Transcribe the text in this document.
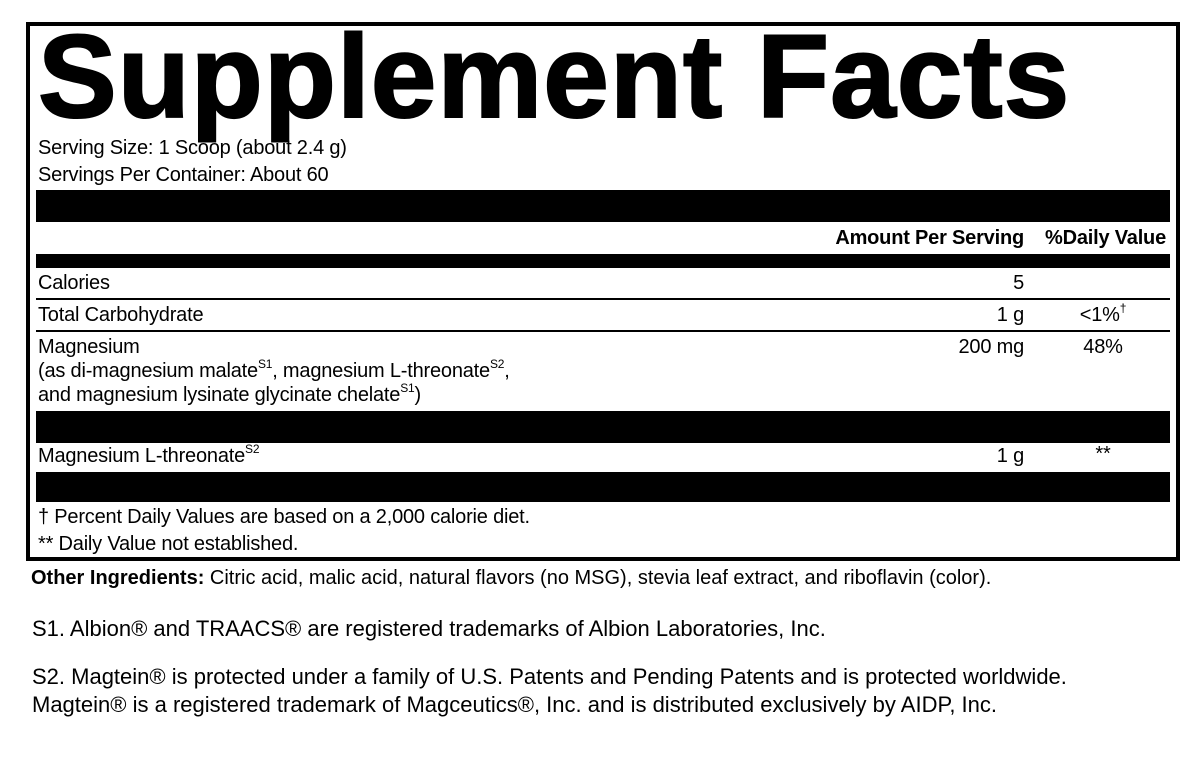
Supplement Facts
Serving Size: 1 Scoop (about 2.4 g)
Servings Per Container: About 60
Amount Per Serving	%Daily Value
Calories	5
Total Carbohydrate	1 g	<1%†
Magnesium
(as di-magnesium malate$^{S1}$, magnesium L-threonate$^{S2}$,
and magnesium lysinate glycinate chelate$^{S1}$)
200 mg	48%
Magnesium L-threonate$^{S2}$	1 g	**
† Percent Daily Values are based on a 2,000 calorie diet.
** Daily Value not established.
Other Ingredients: Citric acid, malic acid, natural flavors (no MSG), stevia leaf extract, and riboflavin (color).
S1. Albion® and TRAACS® are registered trademarks of Albion Laboratories, Inc.
S2. Magtein® is protected under a family of U.S. Patents and Pending Patents and is protected worldwide.
Magtein® is a registered trademark of Magceutics®, Inc. and is distributed exclusively by AIDP, Inc.
